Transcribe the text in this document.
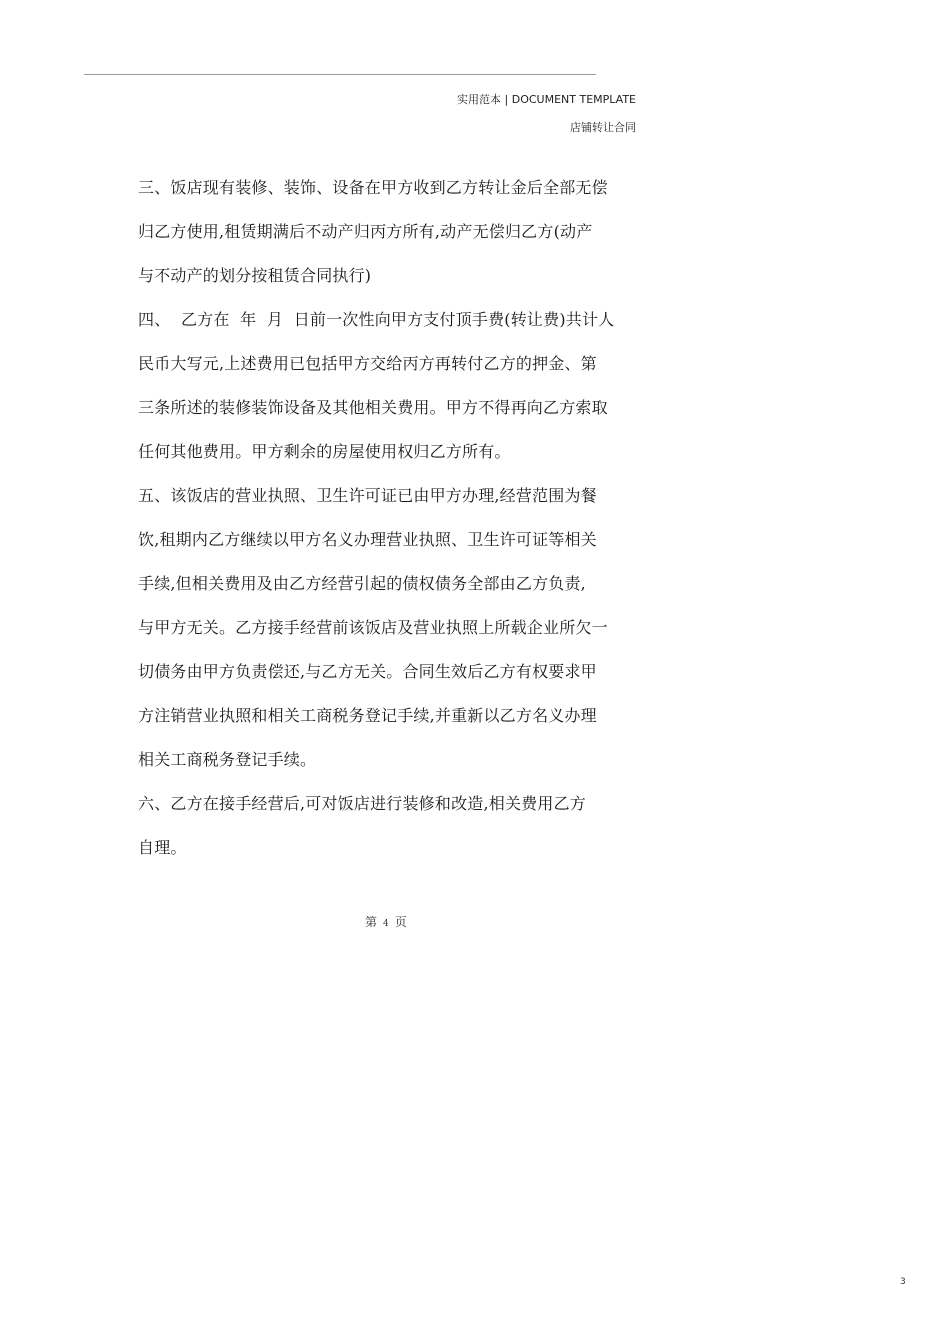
实用范本 | DOCUMENT TEMPLATE
店铺转让合同

三、饭店现有装修、装饰、设备在甲方收到乙方转让金后全部无偿

归乙方使用,租赁期满后不动产归丙方所有,动产无偿归乙方(动产

与不动产的划分按租赁合同执行)

四、  乙方在  年  月  日前一次性向甲方支付顶手费(转让费)共计人

民币大写元,上述费用已包括甲方交给丙方再转付乙方的押金、第

三条所述的装修装饰设备及其他相关费用。甲方不得再向乙方索取

任何其他费用。甲方剩余的房屋使用权归乙方所有。

五、该饭店的营业执照、卫生许可证已由甲方办理,经营范围为餐

饮,租期内乙方继续以甲方名义办理营业执照、卫生许可证等相关

手续,但相关费用及由乙方经营引起的债权债务全部由乙方负责,

与甲方无关。乙方接手经营前该饭店及营业执照上所载企业所欠一

切债务由甲方负责偿还,与乙方无关。合同生效后乙方有权要求甲

方注销营业执照和相关工商税务登记手续,并重新以乙方名义办理

相关工商税务登记手续。

六、乙方在接手经营后,可对饭店进行装修和改造,相关费用乙方

自理。

第 4 页
3
